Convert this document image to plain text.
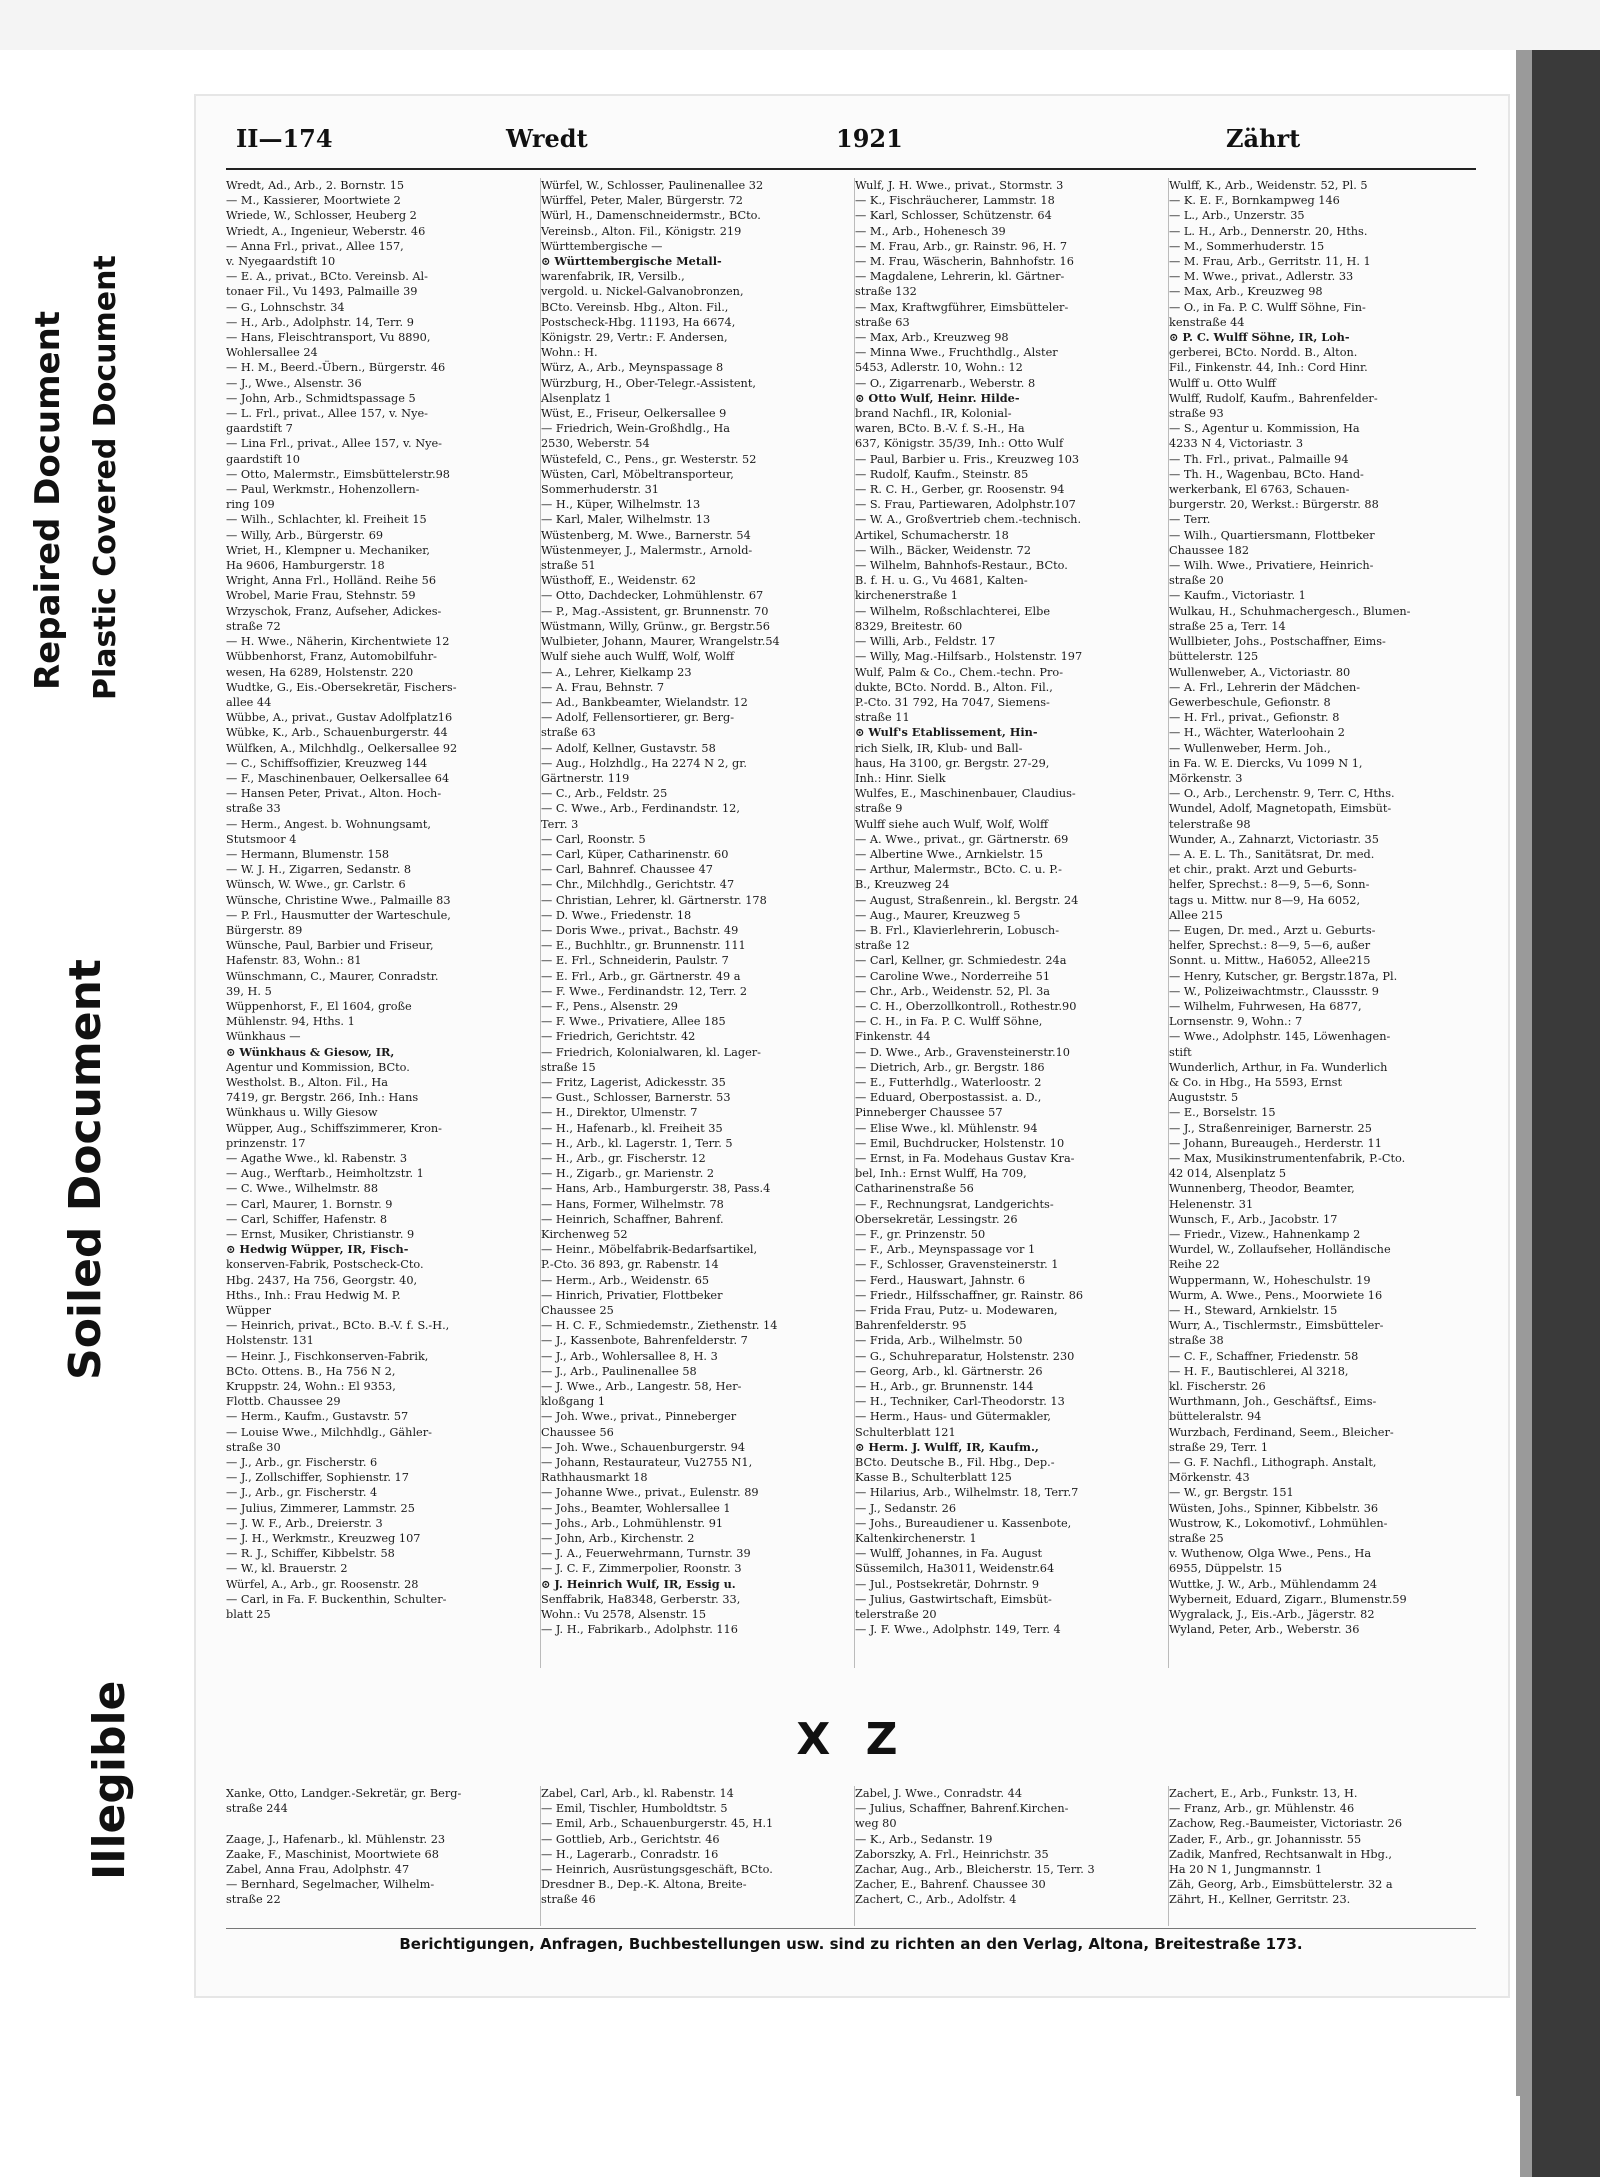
Repaired Document Plastic Covered Document
Soiled Document
Illegible
II—174	Wredt	1921	Zährt
Wredt, Ad., Arb., 2. Bornstr. 15
— M., Kassierer, Moortwiete 2
Wriede, W., Schlosser, Heuberg 2
Wriedt, A., Ingenieur, Weberstr. 46
— Anna Frl., privat., Allee 157,
v. Nyegaardstift 10
— E. A., privat., BCto. Vereinsb. Al-
tonaer Fil., Vu 1493, Palmaille 39
— G., Lohnschstr. 34
— H., Arb., Adolphstr. 14, Terr. 9
— Hans, Fleischtransport, Vu 8890,
Wohlersallee 24
— H. M., Beerd.-Übern., Bürgerstr. 46
— J., Wwe., Alsenstr. 36
— John, Arb., Schmidtspassage 5
— L. Frl., privat., Allee 157, v. Nye-
gaardstift 7
— Lina Frl., privat., Allee 157, v. Nye-
gaardstift 10
— Otto, Malermstr., Eimsbüttelerstr.98
— Paul, Werkmstr., Hohenzollern-
ring 109
— Wilh., Schlachter, kl. Freiheit 15
— Willy, Arb., Bürgerstr. 69
Wriet, H., Klempner u. Mechaniker,
Ha 9606, Hamburgerstr. 18
Wright, Anna Frl., Holländ. Reihe 56
Wrobel, Marie Frau, Stehnstr. 59
Wrzyschok, Franz, Aufseher, Adickes-
straße 72
— H. Wwe., Näherin, Kirchentwiete 12
Wübbenhorst, Franz, Automobilfuhr-
wesen, Ha 6289, Holstenstr. 220
Wudtke, G., Eis.-Obersekretär, Fischers-
allee 44
Wübbe, A., privat., Gustav Adolfplatz16
Wübke, K., Arb., Schauenburgerstr. 44
Wülfken, A., Milchhdlg., Oelkersallee 92
— C., Schiffsoffizier, Kreuzweg 144
— F., Maschinenbauer, Oelkersallee 64
— Hansen Peter, Privat., Alton. Hoch-
straße 33
— Herm., Angest. b. Wohnungsamt,
Stutsmoor 4
— Hermann, Blumenstr. 158
— W. J. H., Zigarren, Sedanstr. 8
Wünsch, W. Wwe., gr. Carlstr. 6
Wünsche, Christine Wwe., Palmaille 83
— P. Frl., Hausmutter der Warteschule,
Bürgerstr. 89
Wünsche, Paul, Barbier und Friseur,
Hafenstr. 83, Wohn.: 81
Wünschmann, C., Maurer, Conradstr.
39, H. 5
Wüppenhorst, F., El 1604, große
Mühlenstr. 94, Hths. 1
Wünkhaus —
⊙ Wünkhaus & Giesow, IR,
Agentur und Kommission, BCto.
Westholst. B., Alton. Fil., Ha
7419, gr. Bergstr. 266, Inh.: Hans
Wünkhaus u. Willy Giesow
Wüpper, Aug., Schiffszimmerer, Kron-
prinzenstr. 17
— Agathe Wwe., kl. Rabenstr. 3
— Aug., Werftarb., Heimholtzstr. 1
— C. Wwe., Wilhelmstr. 88
— Carl, Maurer, 1. Bornstr. 9
— Carl, Schiffer, Hafenstr. 8
— Ernst, Musiker, Christianstr. 9
⊙ Hedwig Wüpper, IR, Fisch-
konserven-Fabrik, Postscheck-Cto.
Hbg. 2437, Ha 756, Georgstr. 40,
Hths., Inh.: Frau Hedwig M. P.
Wüpper
— Heinrich, privat., BCto. B.-V. f. S.-H.,
Holstenstr. 131
— Heinr. J., Fischkonserven-Fabrik,
BCto. Ottens. B., Ha 756 N 2,
Kruppstr. 24, Wohn.: El 9353,
Flottb. Chaussee 29
— Herm., Kaufm., Gustavstr. 57
— Louise Wwe., Milchhdlg., Gähler-
straße 30
— J., Arb., gr. Fischerstr. 6
— J., Zollschiffer, Sophienstr. 17
— J., Arb., gr. Fischerstr. 4
— Julius, Zimmerer, Lammstr. 25
— J. W. F., Arb., Dreierstr. 3
— J. H., Werkmstr., Kreuzweg 107
— R. J., Schiffer, Kibbelstr. 58
— W., kl. Brauerstr. 2
Würfel, A., Arb., gr. Roosenstr. 28
— Carl, in Fa. F. Buckenthin, Schulter-
blatt 25
Würfel, W., Schlosser, Paulinenallee 32
Würffel, Peter, Maler, Bürgerstr. 72
Würl, H., Damenschneidermstr., BCto.
Vereinsb., Alton. Fil., Königstr. 219
Württembergische —
⊙ Württembergische Metall-
warenfabrik, IR, Versilb.,
vergold. u. Nickel-Galvanobronzen,
BCto. Vereinsb. Hbg., Alton. Fil.,
Postscheck-Hbg. 11193, Ha 6674,
Königstr. 29, Vertr.: F. Andersen,
Wohn.: H.
Würz, A., Arb., Meynspassage 8
Würzburg, H., Ober-Telegr.-Assistent,
Alsenplatz 1
Wüst, E., Friseur, Oelkersallee 9
— Friedrich, Wein-Großhdlg., Ha
2530, Weberstr. 54
Wüstefeld, C., Pens., gr. Westerstr. 52
Wüsten, Carl, Möbeltransporteur,
Sommerhuderstr. 31
— H., Küper, Wilhelmstr. 13
— Karl, Maler, Wilhelmstr. 13
Wüstenberg, M. Wwe., Barnerstr. 54
Wüstenmeyer, J., Malermstr., Arnold-
straße 51
Wüsthoff, E., Weidenstr. 62
— Otto, Dachdecker, Lohmühlenstr. 67
— P., Mag.-Assistent, gr. Brunnenstr. 70
Wüstmann, Willy, Grünw., gr. Bergstr.56
Wulbieter, Johann, Maurer, Wrangelstr.54
Wulf siehe auch Wulff, Wolf, Wolff
— A., Lehrer, Kielkamp 23
— A. Frau, Behnstr. 7
— Ad., Bankbeamter, Wielandstr. 12
— Adolf, Fellensortierer, gr. Berg-
straße 63
— Adolf, Kellner, Gustavstr. 58
— Aug., Holzhdlg., Ha 2274 N 2, gr.
Gärtnerstr. 119
— C., Arb., Feldstr. 25
— C. Wwe., Arb., Ferdinandstr. 12,
Terr. 3
— Carl, Roonstr. 5
— Carl, Küper, Catharinenstr. 60
— Carl, Bahnref. Chaussee 47
— Chr., Milchhdlg., Gerichtstr. 47
— Christian, Lehrer, kl. Gärtnerstr. 178
— D. Wwe., Friedenstr. 18
— Doris Wwe., privat., Bachstr. 49
— E., Buchhltr., gr. Brunnenstr. 111
— E. Frl., Schneiderin, Paulstr. 7
— E. Frl., Arb., gr. Gärtnerstr. 49 a
— F. Wwe., Ferdinandstr. 12, Terr. 2
— F., Pens., Alsenstr. 29
— F. Wwe., Privatiere, Allee 185
— Friedrich, Gerichtstr. 42
— Friedrich, Kolonialwaren, kl. Lager-
straße 15
— Fritz, Lagerist, Adickesstr. 35
— Gust., Schlosser, Barnerstr. 53
— H., Direktor, Ulmenstr. 7
— H., Hafenarb., kl. Freiheit 35
— H., Arb., kl. Lagerstr. 1, Terr. 5
— H., Arb., gr. Fischerstr. 12
— H., Zigarb., gr. Marienstr. 2
— Hans, Arb., Hamburgerstr. 38, Pass.4
— Hans, Former, Wilhelmstr. 78
— Heinrich, Schaffner, Bahrenf.
Kirchenweg 52
— Heinr., Möbelfabrik-Bedarfsartikel,
P.-Cto. 36 893, gr. Rabenstr. 14
— Herm., Arb., Weidenstr. 65
— Hinrich, Privatier, Flottbeker
Chaussee 25
— H. C. F., Schmiedemstr., Ziethenstr. 14
— J., Kassenbote, Bahrenfelderstr. 7
— J., Arb., Wohlersallee 8, H. 3
— J., Arb., Paulinenallee 58
— J. Wwe., Arb., Langestr. 58, Her-
kloßgang 1
— Joh. Wwe., privat., Pinneberger
Chaussee 56
— Joh. Wwe., Schauenburgerstr. 94
— Johann, Restaurateur, Vu2755 N1,
Rathhausmarkt 18
— Johanne Wwe., privat., Eulenstr. 89
— Johs., Beamter, Wohlersallee 1
— Johs., Arb., Lohmühlenstr. 91
— John, Arb., Kirchenstr. 2
— J. A., Feuerwehrmann, Turnstr. 39
— J. C. F., Zimmerpolier, Roonstr. 3
⊙ J. Heinrich Wulf, IR, Essig u.
Senffabrik, Ha8348, Gerberstr. 33,
Wohn.: Vu 2578, Alsenstr. 15
— J. H., Fabrikarb., Adolphstr. 116
Wulf, J. H. Wwe., privat., Stormstr. 3
— K., Fischräucherer, Lammstr. 18
— Karl, Schlosser, Schützenstr. 64
— M., Arb., Hohenesch 39
— M. Frau, Arb., gr. Rainstr. 96, H. 7
— M. Frau, Wäscherin, Bahnhofstr. 16
— Magdalene, Lehrerin, kl. Gärtner-
straße 132
— Max, Kraftwgführer, Eimsbütteler-
straße 63
— Max, Arb., Kreuzweg 98
— Minna Wwe., Fruchthdlg., Alster
5453, Adlerstr. 10, Wohn.: 12
— O., Zigarrenarb., Weberstr. 8
⊙ Otto Wulf, Heinr. Hilde-
brand Nachfl., IR, Kolonial-
waren, BCto. B.-V. f. S.-H., Ha
637, Königstr. 35/39, Inh.: Otto Wulf
— Paul, Barbier u. Fris., Kreuzweg 103
— Rudolf, Kaufm., Steinstr. 85
— R. C. H., Gerber, gr. Roosenstr. 94
— S. Frau, Partiewaren, Adolphstr.107
— W. A., Großvertrieb chem.-technisch.
Artikel, Schumacherstr. 18
— Wilh., Bäcker, Weidenstr. 72
— Wilhelm, Bahnhofs-Restaur., BCto.
B. f. H. u. G., Vu 4681, Kalten-
kirchenerstraße 1
— Wilhelm, Roßschlachterei, Elbe
8329, Breitestr. 60
— Willi, Arb., Feldstr. 17
— Willy, Mag.-Hilfsarb., Holstenstr. 197
Wulf, Palm & Co., Chem.-techn. Pro-
dukte, BCto. Nordd. B., Alton. Fil.,
P.-Cto. 31 792, Ha 7047, Siemens-
straße 11
⊙ Wulf's Etablissement, Hin-
rich Sielk, IR, Klub- und Ball-
haus, Ha 3100, gr. Bergstr. 27-29,
Inh.: Hinr. Sielk
Wulfes, E., Maschinenbauer, Claudius-
straße 9
Wulff siehe auch Wulf, Wolf, Wolff
— A. Wwe., privat., gr. Gärtnerstr. 69
— Albertine Wwe., Arnkielstr. 15
— Arthur, Malermstr., BCto. C. u. P.-
B., Kreuzweg 24
— August, Straßenrein., kl. Bergstr. 24
— Aug., Maurer, Kreuzweg 5
— B. Frl., Klavierlehrerin, Lobusch-
straße 12
— Carl, Kellner, gr. Schmiedestr. 24a
— Caroline Wwe., Norderreihe 51
— Chr., Arb., Weidenstr. 52, Pl. 3a
— C. H., Oberzollkontroll., Rothestr.90
— C. H., in Fa. P. C. Wulff Söhne,
Finkenstr. 44
— D. Wwe., Arb., Gravensteinerstr.10
— Dietrich, Arb., gr. Bergstr. 186
— E., Futterhdlg., Waterloostr. 2
— Eduard, Oberpostassist. a. D.,
Pinneberger Chaussee 57
— Elise Wwe., kl. Mühlenstr. 94
— Emil, Buchdrucker, Holstenstr. 10
— Ernst, in Fa. Modehaus Gustav Kra-
bel, Inh.: Ernst Wulff, Ha 709,
Catharinenstraße 56
— F., Rechnungsrat, Landgerichts-
Obersekretär, Lessingstr. 26
— F., gr. Prinzenstr. 50
— F., Arb., Meynspassage vor 1
— F., Schlosser, Gravensteinerstr. 1
— Ferd., Hauswart, Jahnstr. 6
— Friedr., Hilfsschaffner, gr. Rainstr. 86
— Frida Frau, Putz- u. Modewaren,
Bahrenfelderstr. 95
— Frida, Arb., Wilhelmstr. 50
— G., Schuhreparatur, Holstenstr. 230
— Georg, Arb., kl. Gärtnerstr. 26
— H., Arb., gr. Brunnenstr. 144
— H., Techniker, Carl-Theodorstr. 13
— Herm., Haus- und Gütermakler,
Schulterblatt 121
⊙ Herm. J. Wulff, IR, Kaufm.,
BCto. Deutsche B., Fil. Hbg., Dep.-
Kasse B., Schulterblatt 125
— Hilarius, Arb., Wilhelmstr. 18, Terr.7
— J., Sedanstr. 26
— Johs., Bureaudiener u. Kassenbote,
Kaltenkirchenerstr. 1
— Wulff, Johannes, in Fa. August
Süssemilch, Ha3011, Weidenstr.64
— Jul., Postsekretär, Dohrnstr. 9
— Julius, Gastwirtschaft, Eimsbüt-
telerstraße 20
— J. F. Wwe., Adolphstr. 149, Terr. 4
Wulff, K., Arb., Weidenstr. 52, Pl. 5
— K. E. F., Bornkampweg 146
— L., Arb., Unzerstr. 35
— L. H., Arb., Dennerstr. 20, Hths.
— M., Sommerhuderstr. 15
— M. Frau, Arb., Gerritstr. 11, H. 1
— M. Wwe., privat., Adlerstr. 33
— Max, Arb., Kreuzweg 98
— O., in Fa. P. C. Wulff Söhne, Fin-
kenstraße 44
⊙ P. C. Wulff Söhne, IR, Loh-
gerberei, BCto. Nordd. B., Alton.
Fil., Finkenstr. 44, Inh.: Cord Hinr.
Wulff u. Otto Wulff
Wulff, Rudolf, Kaufm., Bahrenfelder-
straße 93
— S., Agentur u. Kommission, Ha
4233 N 4, Victoriastr. 3
— Th. Frl., privat., Palmaille 94
— Th. H., Wagenbau, BCto. Hand-
werkerbank, El 6763, Schauen-
burgerstr. 20, Werkst.: Bürgerstr. 88
— Terr.
— Wilh., Quartiersmann, Flottbeker
Chaussee 182
— Wilh. Wwe., Privatiere, Heinrich-
straße 20
— Kaufm., Victoriastr. 1
Wulkau, H., Schuhmachergesch., Blumen-
straße 25 a, Terr. 14
Wullbieter, Johs., Postschaffner, Eims-
büttelerstr. 125
Wullenweber, A., Victoriastr. 80
— A. Frl., Lehrerin der Mädchen-
Gewerbeschule, Gefionstr. 8
— H. Frl., privat., Gefionstr. 8
— H., Wächter, Waterloohain 2
— Wullenweber, Herm. Joh.,
in Fa. W. E. Diercks, Vu 1099 N 1,
Mörkenstr. 3
— O., Arb., Lerchenstr. 9, Terr. C, Hths.
Wundel, Adolf, Magnetopath, Eimsbüt-
telerstraße 98
Wunder, A., Zahnarzt, Victoriastr. 35
— A. E. L. Th., Sanitätsrat, Dr. med.
et chir., prakt. Arzt und Geburts-
helfer, Sprechst.: 8—9, 5—6, Sonn-
tags u. Mittw. nur 8—9, Ha 6052,
Allee 215
— Eugen, Dr. med., Arzt u. Geburts-
helfer, Sprechst.: 8—9, 5—6, außer
Sonnt. u. Mittw., Ha6052, Allee215
— Henry, Kutscher, gr. Bergstr.187a, Pl.
— W., Polizeiwachtmstr., Claussstr. 9
— Wilhelm, Fuhrwesen, Ha 6877,
Lornsenstr. 9, Wohn.: 7
— Wwe., Adolphstr. 145, Löwenhagen-
stift
Wunderlich, Arthur, in Fa. Wunderlich
& Co. in Hbg., Ha 5593, Ernst
Auguststr. 5
— E., Borselstr. 15
— J., Straßenreiniger, Barnerstr. 25
— Johann, Bureaugeh., Herderstr. 11
— Max, Musikinstrumentenfabrik, P.-Cto.
42 014, Alsenplatz 5
Wunnenberg, Theodor, Beamter,
Helenenstr. 31
Wunsch, F., Arb., Jacobstr. 17
— Friedr., Vizew., Hahnenkamp 2
Wurdel, W., Zollaufseher, Holländische
Reihe 22
Wuppermann, W., Hoheschulstr. 19
Wurm, A. Wwe., Pens., Moorwiete 16
— H., Steward, Arnkielstr. 15
Wurr, A., Tischlermstr., Eimsbütteler-
straße 38
— C. F., Schaffner, Friedenstr. 58
— H. F., Bautischlerei, Al 3218,
kl. Fischerstr. 26
Wurthmann, Joh., Geschäftsf., Eims-
bütteleralstr. 94
Wurzbach, Ferdinand, Seem., Bleicher-
straße 29, Terr. 1
— G. F. Nachfl., Lithograph. Anstalt,
Mörkenstr. 43
— W., gr. Bergstr. 151
Wüsten, Johs., Spinner, Kibbelstr. 36
Wustrow, K., Lokomotivf., Lohmühlen-
straße 25
v. Wuthenow, Olga Wwe., Pens., Ha
6955, Düppelstr. 15
Wuttke, J. W., Arb., Mühlendamm 24
Wyberneit, Eduard, Zigarr., Blumenstr.59
Wygralack, J., Eis.-Arb., Jägerstr. 82
Wyland, Peter, Arb., Weberstr. 36
X Z
Xanke, Otto, Landger.-Sekretär, gr. Berg-
straße 244

Zaage, J., Hafenarb., kl. Mühlenstr. 23
Zaake, F., Maschinist, Moortwiete 68
Zabel, Anna Frau, Adolphstr. 47
— Bernhard, Segelmacher, Wilhelm-
straße 22
Zabel, Carl, Arb., kl. Rabenstr. 14
— Emil, Tischler, Humboldtstr. 5
— Emil, Arb., Schauenburgerstr. 45, H.1
— Gottlieb, Arb., Gerichtstr. 46
— H., Lagerarb., Conradstr. 16
— Heinrich, Ausrüstungsgeschäft, BCto.
Dresdner B., Dep.-K. Altona, Breite-
straße 46
Zabel, J. Wwe., Conradstr. 44
— Julius, Schaffner, Bahrenf.Kirchen-
weg 80
— K., Arb., Sedanstr. 19
Zaborszky, A. Frl., Heinrichstr. 35
Zachar, Aug., Arb., Bleicherstr. 15, Terr. 3
Zacher, E., Bahrenf. Chaussee 30
Zachert, C., Arb., Adolfstr. 4
Zachert, E., Arb., Funkstr. 13, H.
— Franz, Arb., gr. Mühlenstr. 46
Zachow, Reg.-Baumeister, Victoriastr. 26
Zader, F., Arb., gr. Johannisstr. 55
Zadik, Manfred, Rechtsanwalt in Hbg.,
Ha 20 N 1, Jungmannstr. 1
Zäh, Georg, Arb., Eimsbüttelerstr. 32 a
Zährt, H., Kellner, Gerritstr. 23.
Berichtigungen, Anfragen, Buchbestellungen usw. sind zu richten an den Verlag, Altona, Breitestraße 173.
